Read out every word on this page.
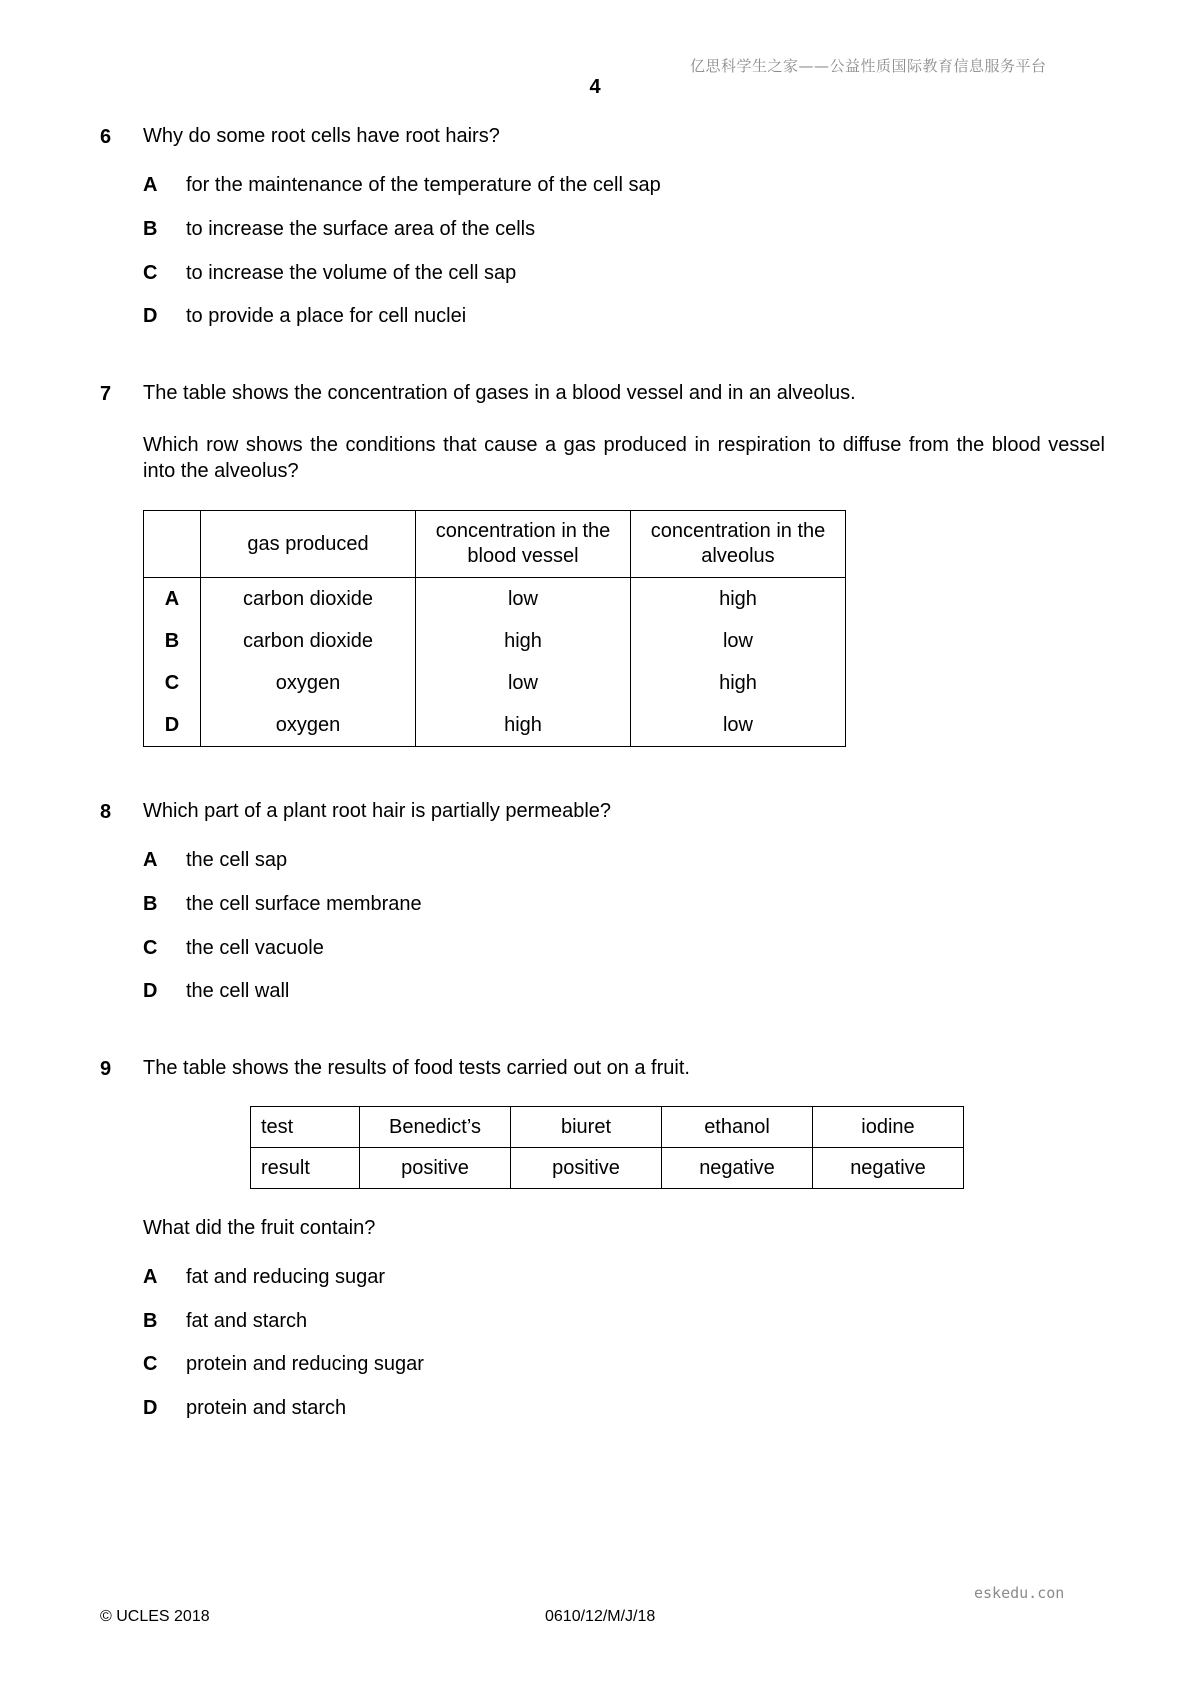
亿思科学生之家——公益性质国际教育信息服务平台
4
6 Why do some root cells have root hairs?
A for the maintenance of the temperature of the cell sap
B to increase the surface area of the cells
C to increase the volume of the cell sap
D to provide a place for cell nuclei
7 The table shows the concentration of gases in a blood vessel and in an alveolus.
Which row shows the conditions that cause a gas produced in respiration to diffuse from the blood vessel into the alveolus?
	gas produced	concentration in the blood vessel	concentration in the alveolus
A	carbon dioxide	low	high
B	carbon dioxide	high	low
C	oxygen	low	high
D	oxygen	high	low
8 Which part of a plant root hair is partially permeable?
A the cell sap
B the cell surface membrane
C the cell vacuole
D the cell wall
9 The table shows the results of food tests carried out on a fruit.
test	Benedict’s	biuret	ethanol	iodine
result	positive	positive	negative	negative
What did the fruit contain?
A fat and reducing sugar
B fat and starch
C protein and reducing sugar
D protein and starch
eskedu.con
© UCLES 2018	0610/12/M/J/18
